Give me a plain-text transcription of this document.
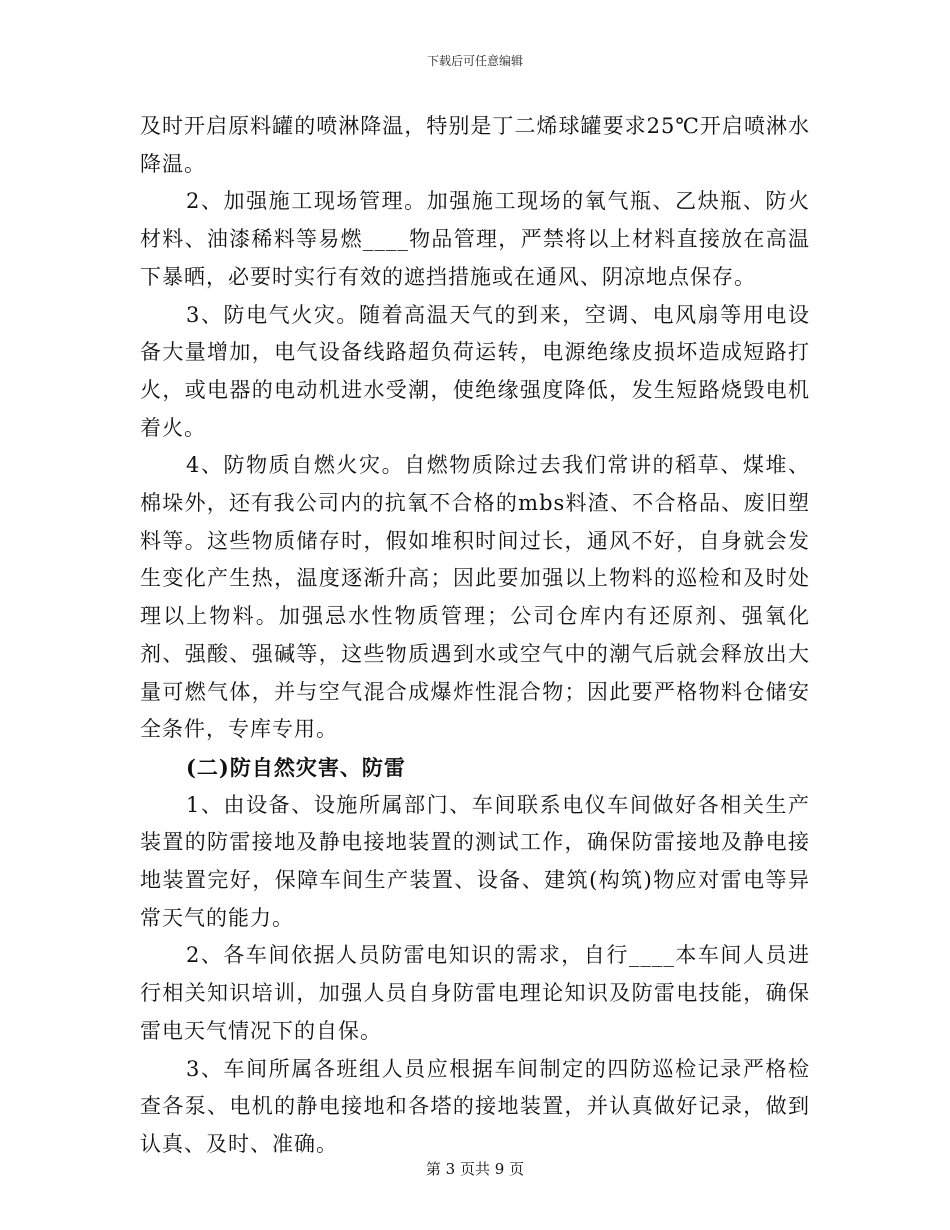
下载后可任意编辑

及时开启原料罐的喷淋降温，特别是丁二烯球罐要求25℃开启喷淋水降温。

2、加强施工现场管理。加强施工现场的氧气瓶、乙炔瓶、防火材料、油漆稀料等易燃____物品管理，严禁将以上材料直接放在高温下暴晒，必要时实行有效的遮挡措施或在通风、阴凉地点保存。

3、防电气火灾。随着高温天气的到来，空调、电风扇等用电设备大量增加，电气设备线路超负荷运转，电源绝缘皮损坏造成短路打火，或电器的电动机进水受潮，使绝缘强度降低，发生短路烧毁电机着火。

4、防物质自燃火灾。自燃物质除过去我们常讲的稻草、煤堆、棉垛外，还有我公司内的抗氧不合格的mbs料渣、不合格品、废旧塑料等。这些物质储存时，假如堆积时间过长，通风不好，自身就会发生变化产生热，温度逐渐升高；因此要加强以上物料的巡检和及时处理以上物料。加强忌水性物质管理；公司仓库内有还原剂、强氧化剂、强酸、强碱等，这些物质遇到水或空气中的潮气后就会释放出大量可燃气体，并与空气混合成爆炸性混合物；因此要严格物料仓储安全条件，专库专用。

(二)防自然灾害、防雷

1、由设备、设施所属部门、车间联系电仪车间做好各相关生产装置的防雷接地及静电接地装置的测试工作，确保防雷接地及静电接地装置完好，保障车间生产装置、设备、建筑(构筑)物应对雷电等异常天气的能力。

2、各车间依据人员防雷电知识的需求，自行____本车间人员进行相关知识培训，加强人员自身防雷电理论知识及防雷电技能，确保雷电天气情况下的自保。

3、车间所属各班组人员应根据车间制定的四防巡检记录严格检查各泵、电机的静电接地和各塔的接地装置，并认真做好记录，做到认真、及时、准确。

第 3 页共 9 页
